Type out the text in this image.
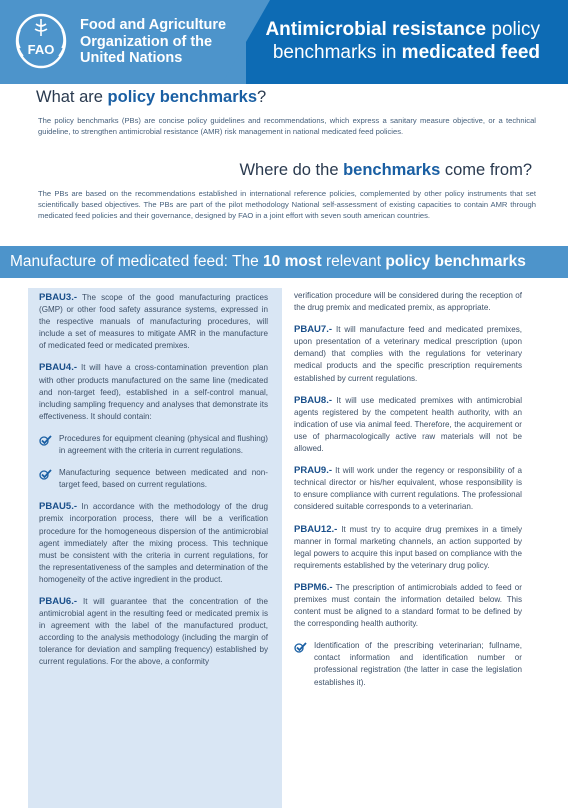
FAO
Food and Agriculture
Organization of the
United Nations
Antimicrobial resistance policy
benchmarks in medicated feed
What are policy benchmarks?
The policy benchmarks (PBs) are concise policy guidelines and recommendations, which express a sanitary measure objective, or a technical guideline, to strengthen antimicrobial resistance (AMR) risk management in national medicated feed policies.
Where do the benchmarks come from?
The PBs are based on the recommendations established in international reference policies, complemented by other policy instruments that set scientifically based objectives. The PBs are part of the pilot methodology National self-assessment of existing capacities to contain AMR through medicated feed policies and their governance, designed by FAO in a joint effort with seven south american countries.
Manufacture of medicated feed: The 10 most relevant policy benchmarks

PBAU3.- The scope of the good manufacturing practices (GMP) or other food safety assurance systems, expressed in the respective manuals of manufacturing procedures, will include a set of measures to mitigate AMR in the manufacture of medicated feed or medicated premixes.

PBAU4.- It will have a cross-contamination prevention plan with other products manufactured on the same line (medicated and non-target feed), established in a self-control manual, including sampling frequency and analyses that demonstrate its effectiveness. It should contain:

Procedures for equipment cleaning (physical and flushing) in agreement with the criteria in current regulations.
Manufacturing sequence between medicated and non-target feed, based on current regulations.

PBAU5.- In accordance with the methodology of the drug premix incorporation process, there will be a verification procedure for the homogeneous dispersion of the antimicrobial agent immediately after the mixing process. This technique must be consistent with the criteria in current regulations, for the representativeness of the samples and determination of the homogeneity of the active ingredient in the product.

PBAU6.- It will guarantee that the concentration of the antimicrobial agent in the resulting feed or medicated premix is in agreement with the label of the manufactured product, according to the analysis methodology (including the margin of tolerance for deviation and sampling frequency) established by current regulations. For the above, a conformity

verification procedure will be considered during the reception of the drug premix and medicated premix, as appropriate.

PBAU7.- It will manufacture feed and medicated premixes, upon presentation of a veterinary medical prescription (upon demand) that complies with the regulations for veterinary medical products and the specific prescription requirements established by current regulations.

PBAU8.- It will use medicated premixes with antimicrobial agents registered by the competent health authority, with an indication of use via animal feed. Therefore, the acquirement or use of pharmacologically active raw materials will not be allowed.

PRAU9.- It will work under the regency or responsibility of a technical director or his/her equivalent, whose responsibility is to ensure compliance with current regulations. The professional considered suitable corresponds to a veterinarian.

PBAU12.- It must try to acquire drug premixes in a timely manner in formal marketing channels, an action supported by legal powers to acquire this input based on compliance with the requirements established by the veterinary drug policy.

PBPM6.- The prescription of antimicrobials added to feed or premixes must contain the information detailed below. This content must be aligned to a standard format to be defined by the corresponding health authority.

Identification of the prescribing veterinarian; fullname, contact information and identification number or professional registration (the latter in case the legislation establishes it).
